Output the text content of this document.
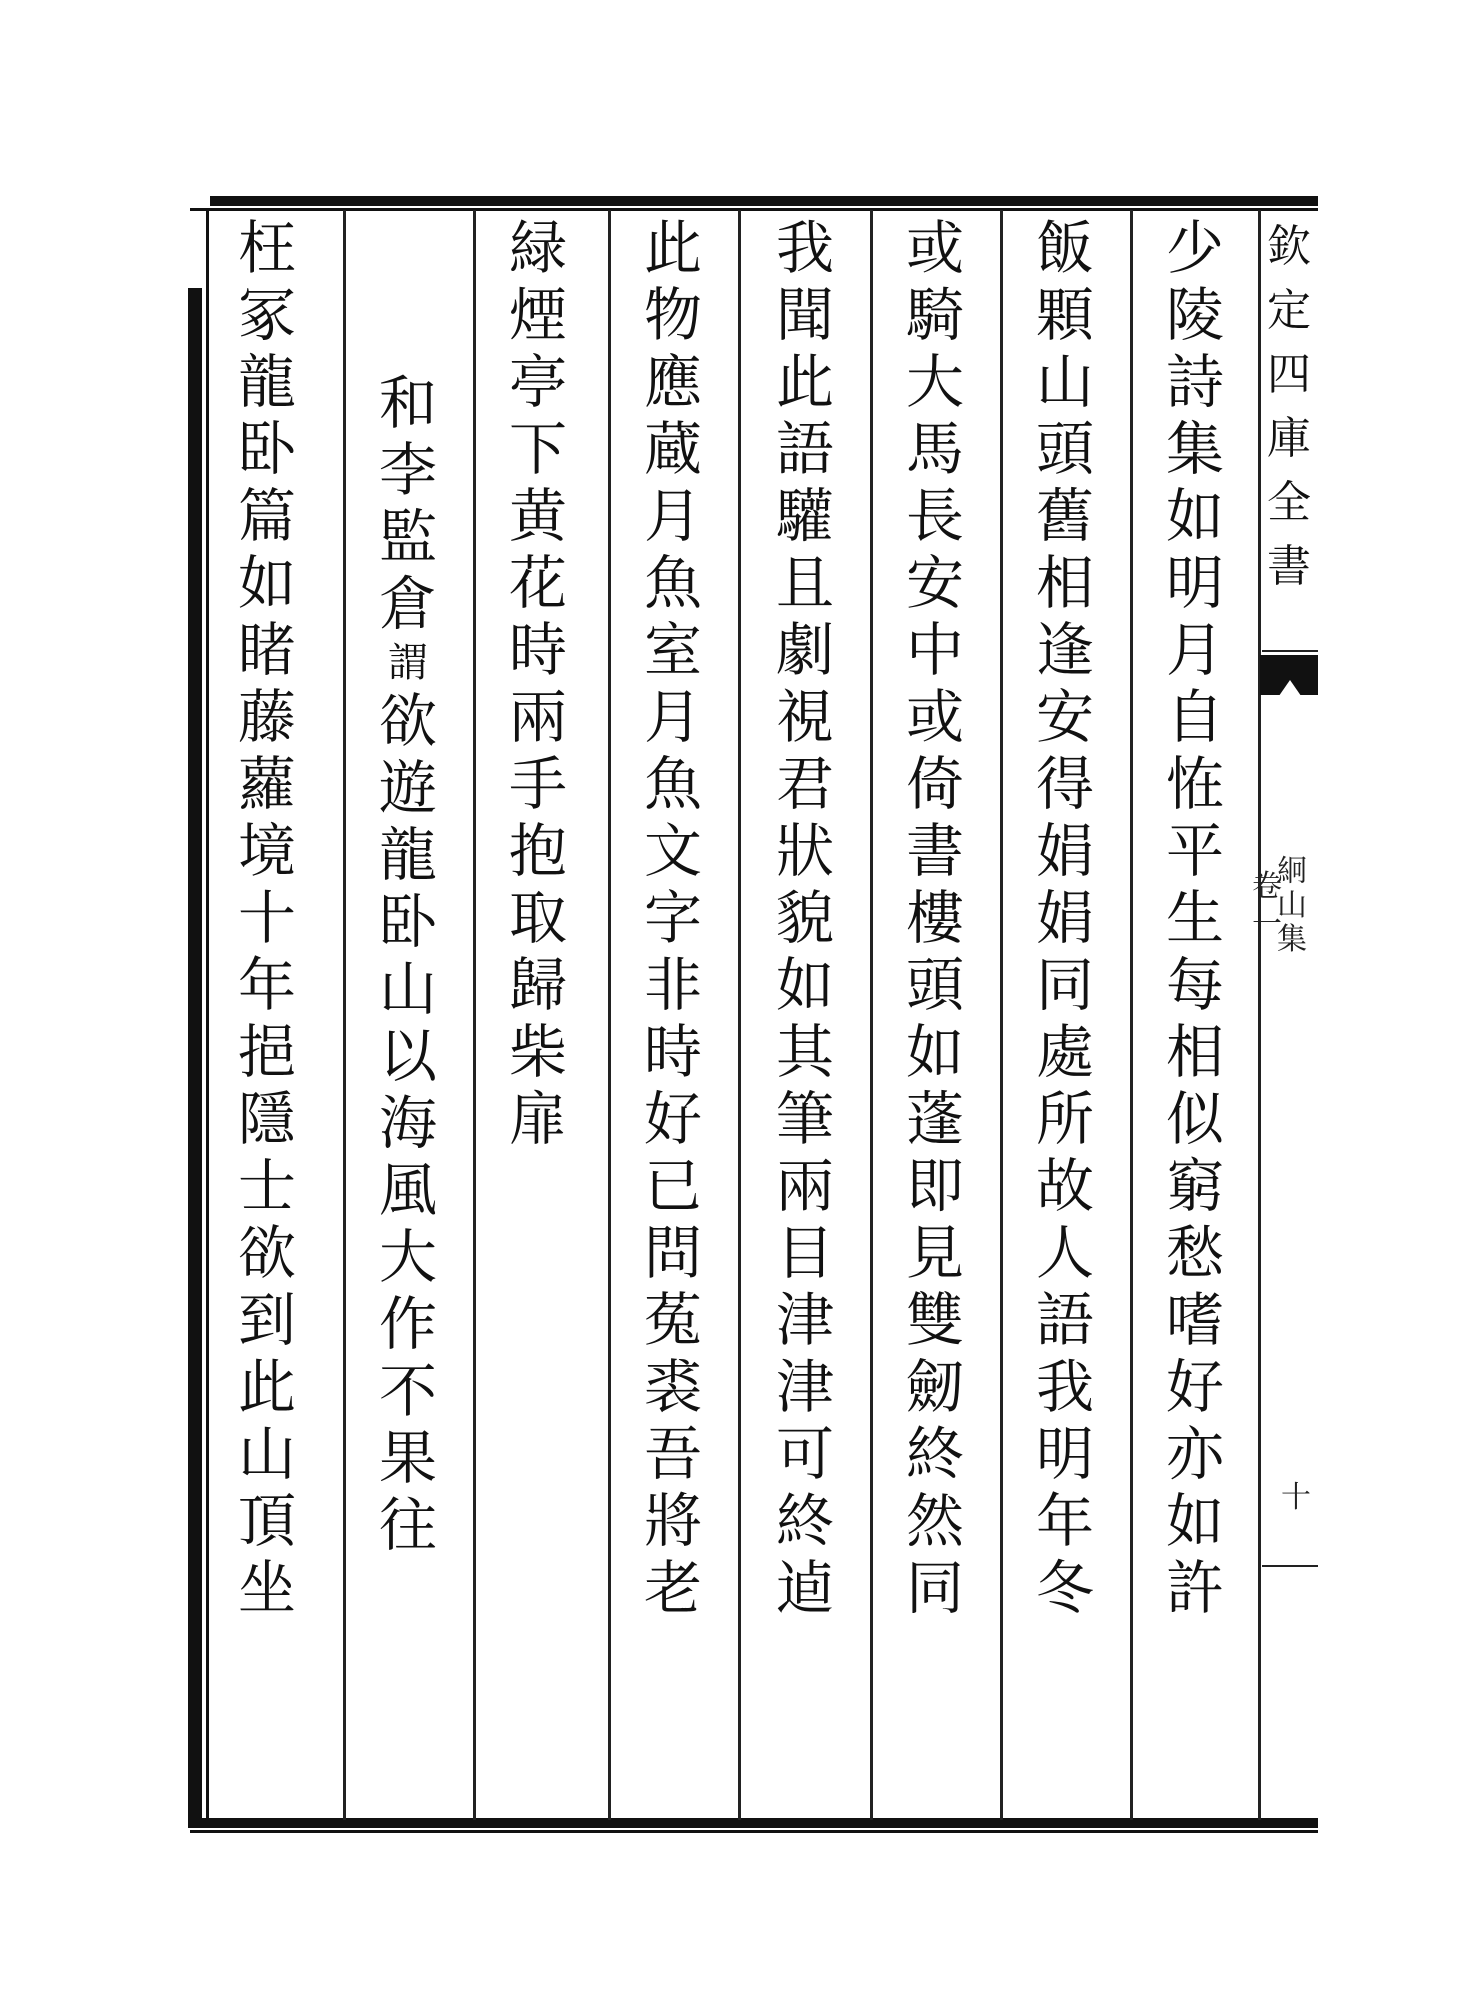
欽
定
四
庫
全
書
絅
山
集
卷
一
十
少
陵
詩
集
如
明
月
自
恠
平
生
每
相
似
窮
愁
嗜
好
亦
如
許
飯
顆
山
頭
舊
相
逢
安
得
娟
娟
同
處
所
故
人
語
我
明
年
冬
或
騎
大
馬
長
安
中
或
倚
書
樓
頭
如
蓬
即
見
雙
劒
終
然
同
我
聞
此
語
驩
且
劇
視
君
狀
貌
如
其
筆
兩
目
津
津
可
終
逌
此
物
應
蔵
月
魚
室
月
魚
文
字
非
時
好
已
問
菟
裘
吾
將
老
緑
煙
亭
下
黄
花
時
兩
手
抱
取
歸
柴
扉
和
李
監
倉
謂
欲
遊
龍
卧
山
以
海
風
大
作
不
果
往
枉
冢
龍
卧
篇
如
睹
藤
蘿
境
十
年
挹
隱
士
欲
到
此
山
頂
坐
